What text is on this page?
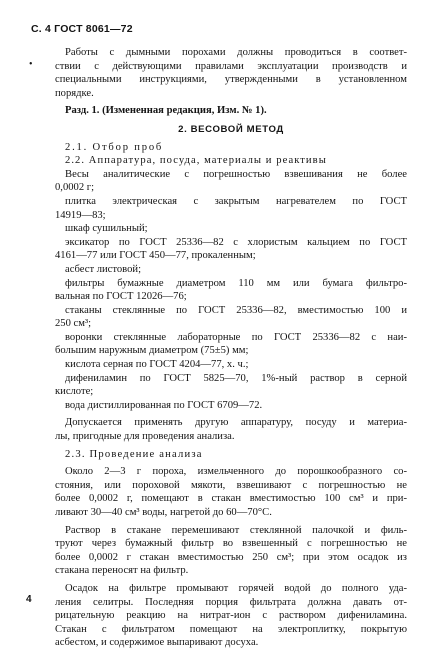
С. 4 ГОСТ 8061—72
•

Работы с дымными порохами должны проводиться в соответ-

ствии с действующими правилами эксплуатации производств и

специальными инструкциями, утвержденными в установленном

порядке.

Разд. 1. (Измененная редакция, Изм. № 1).

2. ВЕСОВОЙ МЕТОД

2.1. Отбор проб

2.2. Аппаратура, посуда, материалы и реактивы

Весы аналитические с погрешностью взвешивания не более

0,0002 г;

плитка электрическая с закрытым нагревателем по ГОСТ

14919—83;

шкаф сушильный;

эксикатор по ГОСТ 25336—82 с хлористым кальцием по ГОСТ

4161—77 или ГОСТ 450—77, прокаленным;

асбест листовой;

фильтры бумажные диаметром 110 мм или бумага фильтро-

вальная по ГОСТ 12026—76;

стаканы стеклянные по ГОСТ 25336—82, вместимостью 100 и

250 см³;

воронки стеклянные лабораторные по ГОСТ 25336—82 с наи-

большим наружным диаметром (75±5) мм;

кислота серная по ГОСТ 4204—77, х. ч.;

дифениламин по ГОСТ 5825—70, 1%-ный раствор в серной

кислоте;

вода дистиллированная по ГОСТ 6709—72.

Допускается применять другую аппаратуру, посуду и материа-

лы, пригодные для проведения анализа.

2.3. Проведение анализа

Около 2—3 г пороха, измельченного до порошкообразного со-

стояния, или пороховой мякоти, взвешивают с погрешностью не

более 0,0002 г, помещают в стакан вместимостью 100 см³ и при-

ливают 30—40 см³ воды, нагретой до 60—70°С.

Раствор в стакане перемешивают стеклянной палочкой и филь-

труют через бумажный фильтр во взвешенный с погрешностью не

более 0,0002 г стакан вместимостью 250 см³; при этом осадок из

стакана переносят на фильтр.

Осадок на фильтре промывают горячей водой до полного уда-

ления селитры. Последняя порция фильтрата должна давать от-

рицательную реакцию на нитрат-ион с раствором дифениламина.

Стакан с фильтратом помещают на электроплитку, покрытую

асбестом, и содержимое выпаривают досуха.

4
